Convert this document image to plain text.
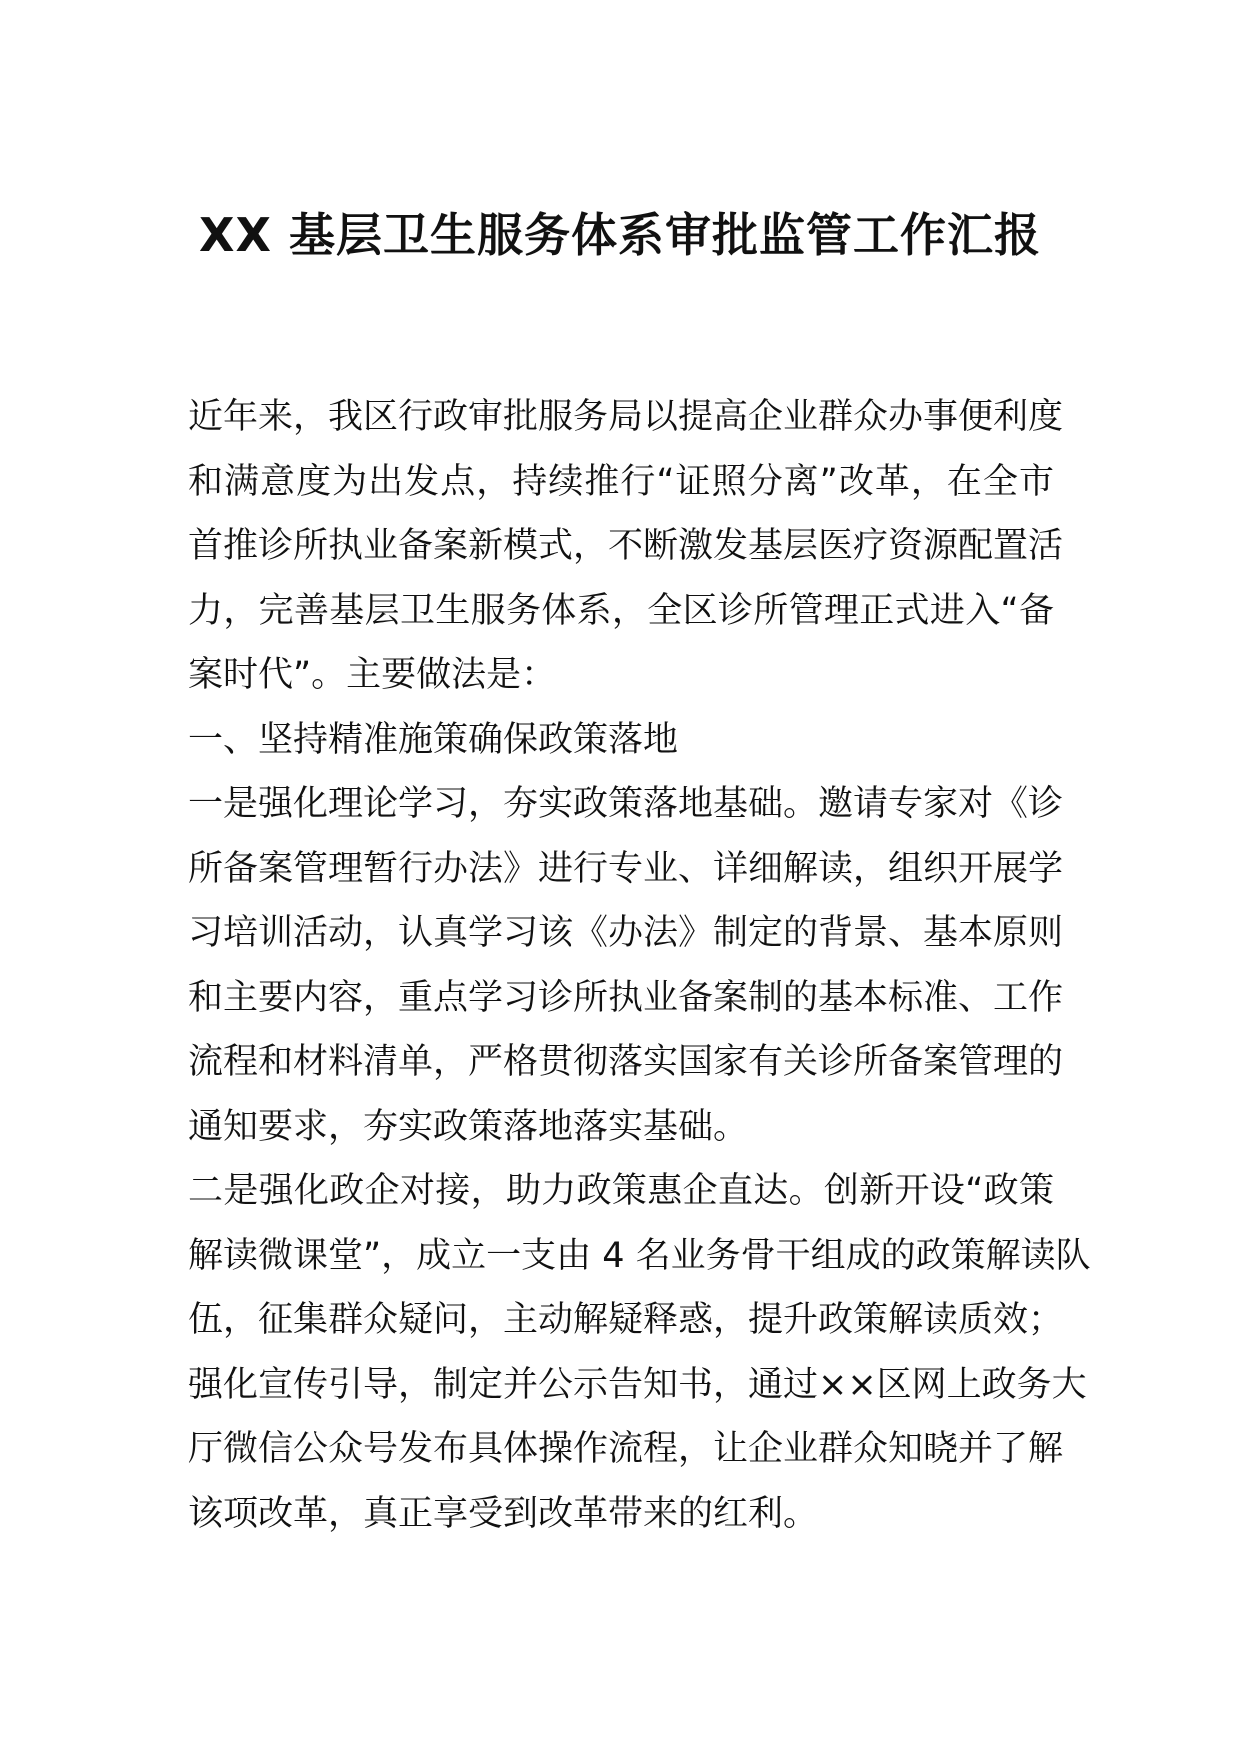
XX 基层卫生服务体系审批监管工作汇报
近年来，我区行政审批服务局以提高企业群众办事便利度
和满意度为出发点，持续推行“证照分离”改革，在全市
首推诊所执业备案新模式，不断激发基层医疗资源配置活
力，完善基层卫生服务体系，全区诊所管理正式进入“备
案时代”。主要做法是：
一、坚持精准施策确保政策落地
一是强化理论学习，夯实政策落地基础。邀请专家对《诊
所备案管理暂行办法》进行专业、详细解读，组织开展学
习培训活动，认真学习该《办法》制定的背景、基本原则
和主要内容，重点学习诊所执业备案制的基本标准、工作
流程和材料清单，严格贯彻落实国家有关诊所备案管理的
通知要求，夯实政策落地落实基础。
二是强化政企对接，助力政策惠企直达。创新开设“政策
解读微课堂”，成立一支由 4 名业务骨干组成的政策解读队
伍，征集群众疑问，主动解疑释惑，提升政策解读质效；
强化宣传引导，制定并公示告知书，通过××区网上政务大
厅微信公众号发布具体操作流程，让企业群众知晓并了解
该项改革，真正享受到改革带来的红利。
